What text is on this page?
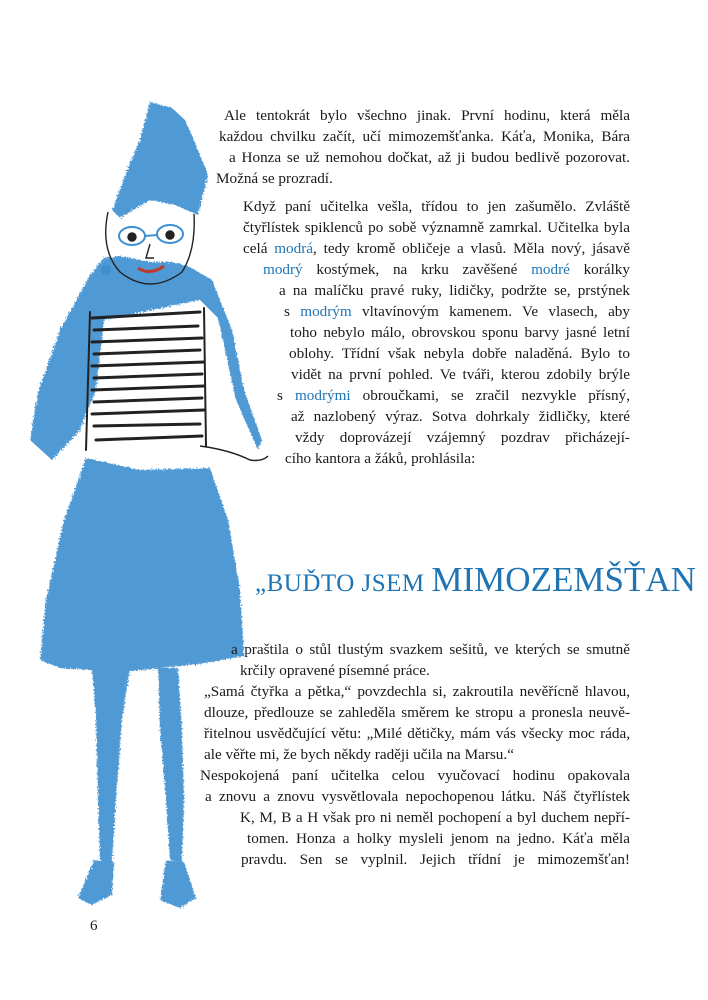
Ale tentokrát bylo všechno jinak. První hodinu, která měla
každou chvilku začít, učí mimozemšťanka. Káťa, Monika, Bára
a Honza se už nemohou dočkat, až ji budou bedlivě pozorovat.
Možná se prozradí.
Když paní učitelka vešla, třídou to jen zašumělo. Zvláště
čtyřlístek spiklenců po sobě významně zamrkal. Učitelka byla
celá modrá, tedy kromě obličeje a vlasů. Měla nový, jásavě
modrý kostýmek, na krku zavěšené modré korálky
a na malíčku pravé ruky, lidičky, podržte se, prstýnek
s modrým vltavínovým kamenem. Ve vlasech, aby
toho nebylo málo, obrovskou sponu barvy jasné letní
oblohy. Třídní však nebyla dobře naladěná. Bylo to
vidět na první pohled. Ve tváři, kterou zdobily brýle
s modrými obroučkami, se zračil nezvykle přísný,
až nazlobený výraz. Sotva dohrkaly židličky, které
vždy doprovázejí vzájemný pozdrav přicházejí-
cího kantora a žáků, prohlásila:
„BUĎTO JSEM MIMOZEMŠŤAN
a praštila o stůl tlustým svazkem sešitů, ve kterých se smutně
krčily opravené písemné práce.
„Samá čtyřka a pětka,“ povzdechla si, zakroutila nevěřícně hlavou,
dlouze, předlouze se zahleděla směrem ke stropu a pronesla neuvě-
řitelnou usvědčující větu: „Milé dětičky, mám vás všecky moc ráda,
ale věřte mi, že bych někdy raději učila na Marsu.“
Nespokojená paní učitelka celou vyučovací hodinu opakovala
a znovu a znovu vysvětlovala nepochopenou látku. Náš čtyřlístek
K, M, B a H však pro ni neměl pochopení a byl duchem nepří-
tomen. Honza a holky mysleli jenom na jedno. Káťa měla
pravdu. Sen se vyplnil. Jejich třídní je mimozemšťan!
6
